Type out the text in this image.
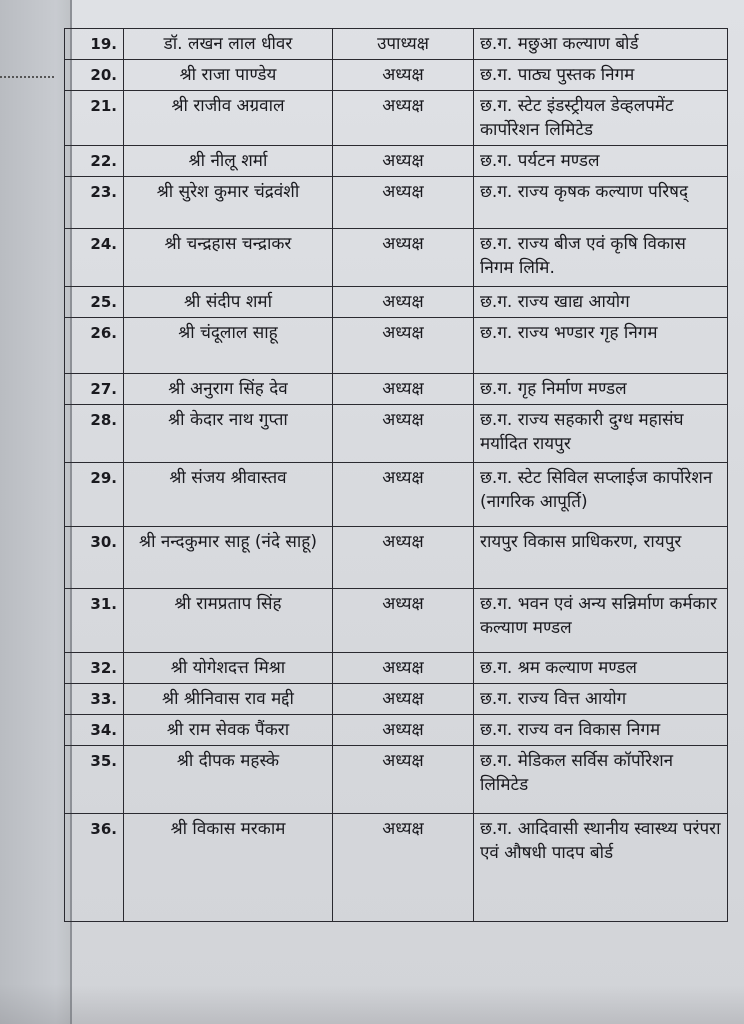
19.	डॉ. लखन लाल धीवर	उपाध्यक्ष	छ.ग. मछुआ कल्याण बोर्ड
20.	श्री राजा पाण्डेय	अध्यक्ष	छ.ग. पाठ्य पुस्तक निगम
21.	श्री राजीव अग्रवाल	अध्यक्ष	छ.ग. स्टेट इंडस्ट्रीयल डेव्हलपमेंट कार्पोरेशन लिमिटेड
22.	श्री नीलू शर्मा	अध्यक्ष	छ.ग. पर्यटन मण्डल
23.	श्री सुरेश कुमार चंद्रवंशी	अध्यक्ष	छ.ग. राज्य कृषक कल्याण परिषद्
24.	श्री चन्द्रहास चन्द्राकर	अध्यक्ष	छ.ग. राज्य बीज एवं कृषि विकास निगम लिमि.
25.	श्री संदीप शर्मा	अध्यक्ष	छ.ग. राज्य खाद्य आयोग
26.	श्री चंदूलाल साहू	अध्यक्ष	छ.ग. राज्य भण्डार गृह निगम
27.	श्री अनुराग सिंह देव	अध्यक्ष	छ.ग. गृह निर्माण मण्डल
28.	श्री केदार नाथ गुप्ता	अध्यक्ष	छ.ग. राज्य सहकारी दुग्ध महासंघ मर्यादित रायपुर
29.	श्री संजय श्रीवास्तव	अध्यक्ष	छ.ग. स्टेट सिविल सप्लाईज कार्पोरेशन (नागरिक आपूर्ति)
30.	श्री नन्दकुमार साहू (नंदे साहू)	अध्यक्ष	रायपुर विकास प्राधिकरण, रायपुर
31.	श्री रामप्रताप सिंह	अध्यक्ष	छ.ग. भवन एवं अन्य सन्निर्माण कर्मकार कल्याण मण्डल
32.	श्री योगेशदत्त मिश्रा	अध्यक्ष	छ.ग. श्रम कल्याण मण्डल
33.	श्री श्रीनिवास राव मद्दी	अध्यक्ष	छ.ग. राज्य वित्त आयोग
34.	श्री राम सेवक पैंकरा	अध्यक्ष	छ.ग. राज्य वन विकास निगम
35.	श्री दीपक महस्के	अध्यक्ष	छ.ग. मेडिकल सर्विस कॉर्पोरेशन लिमिटेड
36.	श्री विकास मरकाम	अध्यक्ष	छ.ग. आदिवासी स्थानीय स्वास्थ्य परंपरा एवं औषधी पादप बोर्ड
